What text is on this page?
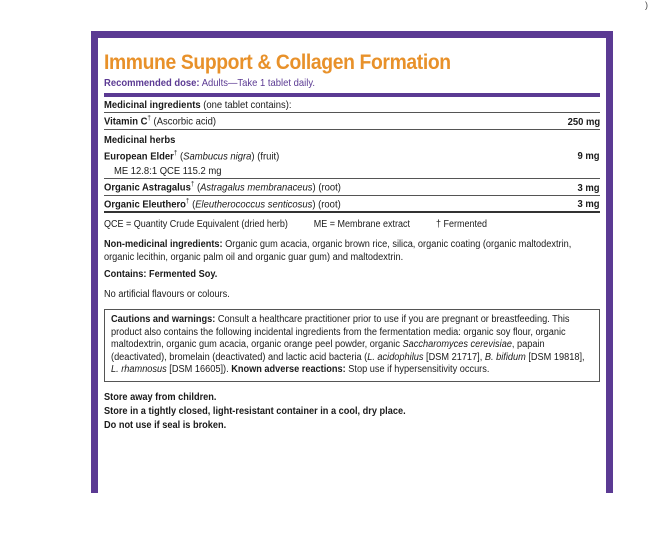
)
Immune Support & Collagen Formation
Recommended dose: Adults—Take 1 tablet daily.
Medicinal ingredients (one tablet contains):
Vitamin C† (Ascorbic acid)	250 mg
Medicinal herbs
European Elder† (Sambucus nigra) (fruit)	9 mg
ME 12.8:1 QCE 115.2 mg
Organic Astragalus† (Astragalus membranaceus) (root)	3 mg
Organic Eleuthero† (Eleutherococcus senticosus) (root)	3 mg
QCE = Quantity Crude Equivalent (dried herb)	ME = Membrane extract	† Fermented
Non-medicinal ingredients: Organic gum acacia, organic brown rice, silica, organic coating (organic maltodextrin, organic lecithin, organic palm oil and organic guar gum) and maltodextrin.
Contains: Fermented Soy.
No artificial flavours or colours.
Cautions and warnings: Consult a healthcare practitioner prior to use if you are pregnant or breastfeeding. This product also contains the following incidental ingredients from the fermentation media: organic soy flour, organic maltodextrin, organic gum acacia, organic orange peel powder, organic Saccharomyces cerevisiae, papain (deactivated), bromelain (deactivated) and lactic acid bacteria (L. acidophilus [DSM 21717], B. bifidum [DSM 19818], L. rhamnosus [DSM 16605]). Known adverse reactions: Stop use if hypersensitivity occurs.
Store away from children.
Store in a tightly closed, light-resistant container in a cool, dry place.
Do not use if seal is broken.
